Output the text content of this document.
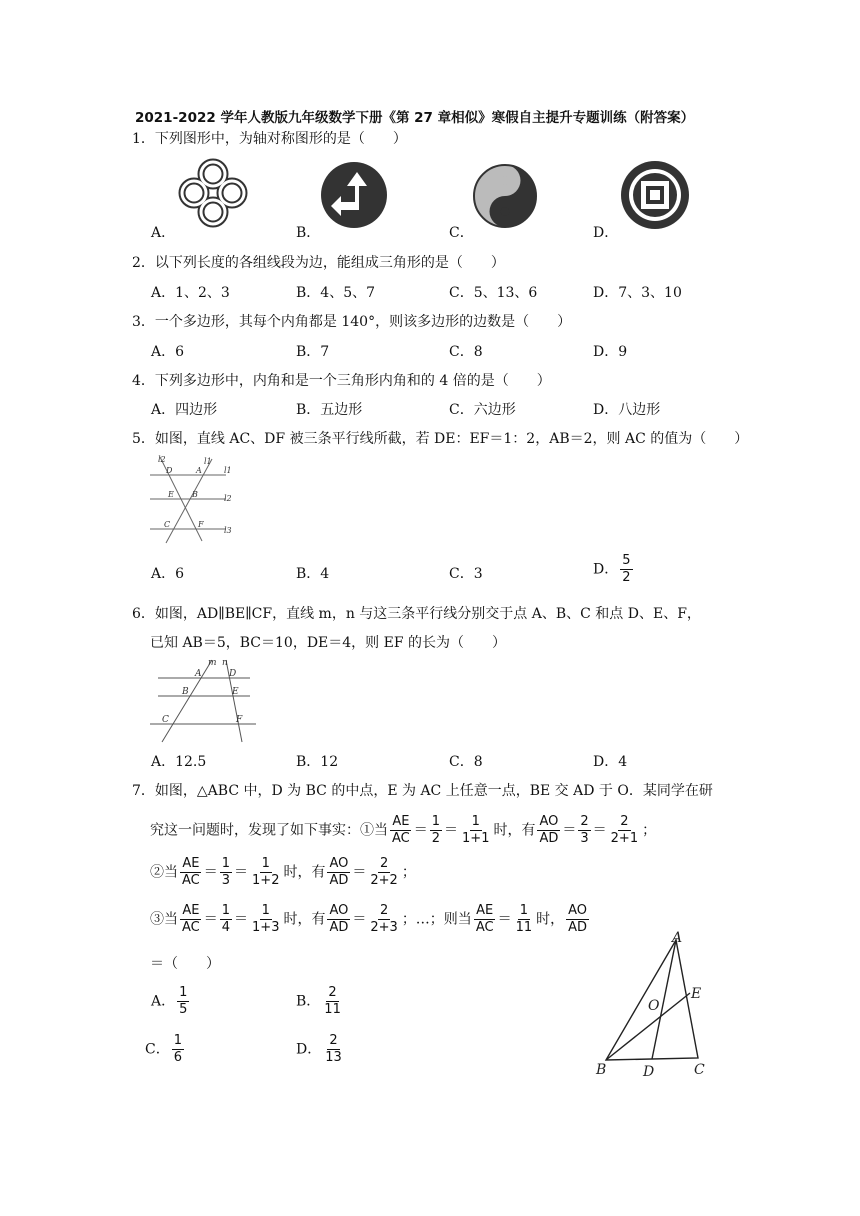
2021-2022 学年人教版九年级数学下册《第 27 章相似》寒假自主提升专题训练（附答案）
1．下列图形中，为轴对称图形的是（　　）
A．	B．	C．	D．
2．以下列长度的各组线段为边，能组成三角形的是（　　）
A．1、2、3	B．4、5、7	C．5、13、6	D．7、3、10
3．一个多边形，其每个内角都是 140°，则该多边形的边数是（　　）
A．6	B．7	C．8	D．9
4．下列多边形中，内角和是一个三角形内角和的 4 倍的是（　　）
A．四边形	B．五边形	C．六边形	D．八边形
5．如图，直线 AC、DF 被三条平行线所截，若 DE：EF＝1：2，AB＝2，则 AC 的值为（　　）
l2
D	A
l1
l1
E B	l2
C	F
l3
A．6	B．4	C．3	D． $\frac{5}{2}$
6．如图，AD∥BE∥CF，直线 m，n 与这三条平行线分别交于点 A、B、C 和点 D、E、F，
已知 AB＝5，BC＝10，DE＝4，则 EF 的长为（　　）
m n
A	D
B	E
C	F
A．12.5	B．12	C．8	D．4
7．如图，△ABC 中，D 为 BC 的中点，E 为 AC 上任意一点，BE 交 AD 于 O．某同学在研
究这一问题时，发现了如下事实：①当 $\frac{AE}{AC} = \frac{1}{2} = \frac{1}{1+1}$ 时，有 $\frac{AO}{AD} = \frac{2}{3} = \frac{2}{2+1}$ ；
②当 $\frac{AE}{AC} = \frac{1}{3} = \frac{1}{1+2}$ 时，有 $\frac{AO}{AD} = \frac{2}{2+2}$ ；
③当 $\frac{AE}{AC} = \frac{1}{4} = \frac{1}{1+3}$ 时，有 $\frac{AO}{AD} = \frac{2}{2+3}$ ；…；则当 $\frac{AE}{AC} = \frac{1}{11}$ 时， $\frac{AO}{AD}$
＝（　　）
A． $\frac{1}{5}$	B． $\frac{2}{11}$
C． $\frac{1}{6}$	D． $\frac{2}{13}$
A
E
O
B	D	C
